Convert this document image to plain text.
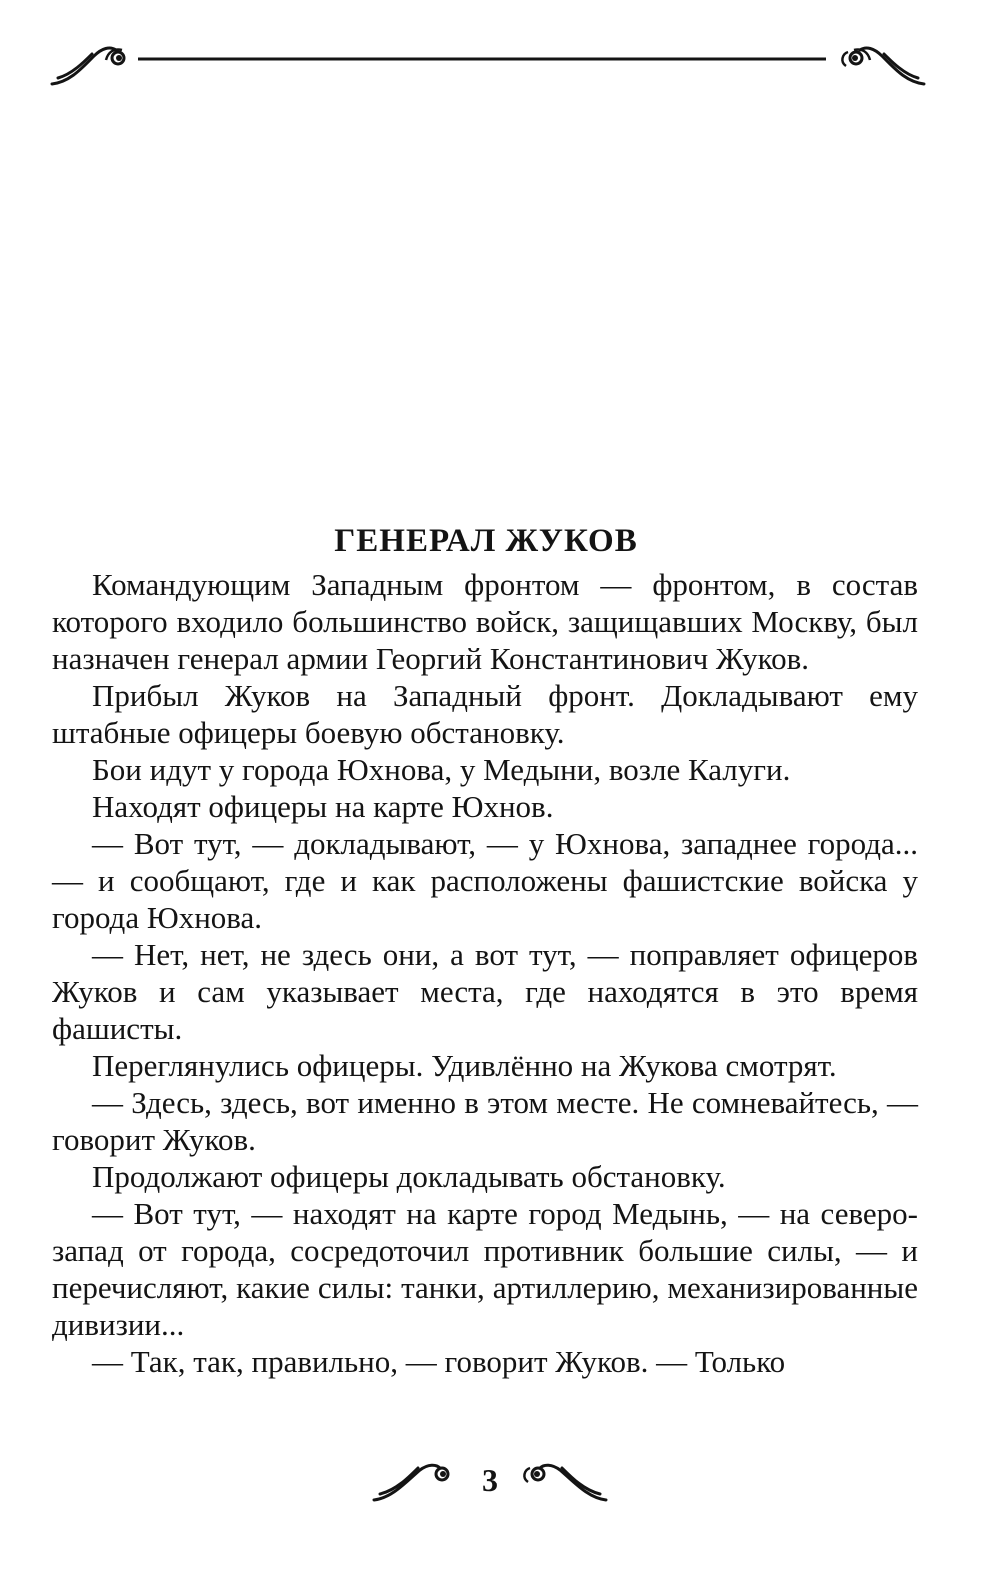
ГЕНЕРАЛ ЖУКОВ

Командующим Западным фронтом — фронтом, в состав которого входило большинство войск, защищавших Москву, был назначен генерал армии Георгий Константинович Жуков.

Прибыл Жуков на Западный фронт. Докладывают ему штабные офицеры боевую обстановку.

Бои идут у города Юхнова, у Медыни, возле Калуги.

Находят офицеры на карте Юхнов.

— Вот тут, — докладывают, — у Юхнова, западнее города... — и сообщают, где и как расположены фашистские войска у города Юхнова.

— Нет, нет, не здесь они, а вот тут, — поправляет офицеров Жуков и сам указывает места, где находятся в это время фашисты.

Переглянулись офицеры. Удивлённо на Жукова смотрят.

— Здесь, здесь, вот именно в этом месте. Не сомневайтесь, — говорит Жуков.

Продолжают офицеры докладывать обстановку.

— Вот тут, — находят на карте город Медынь, — на северо-запад от города, сосредоточил противник большие силы, — и перечисляют, какие силы: танки, артиллерию, механизированные дивизии...

— Так, так, правильно, — говорит Жуков. — Только

3
